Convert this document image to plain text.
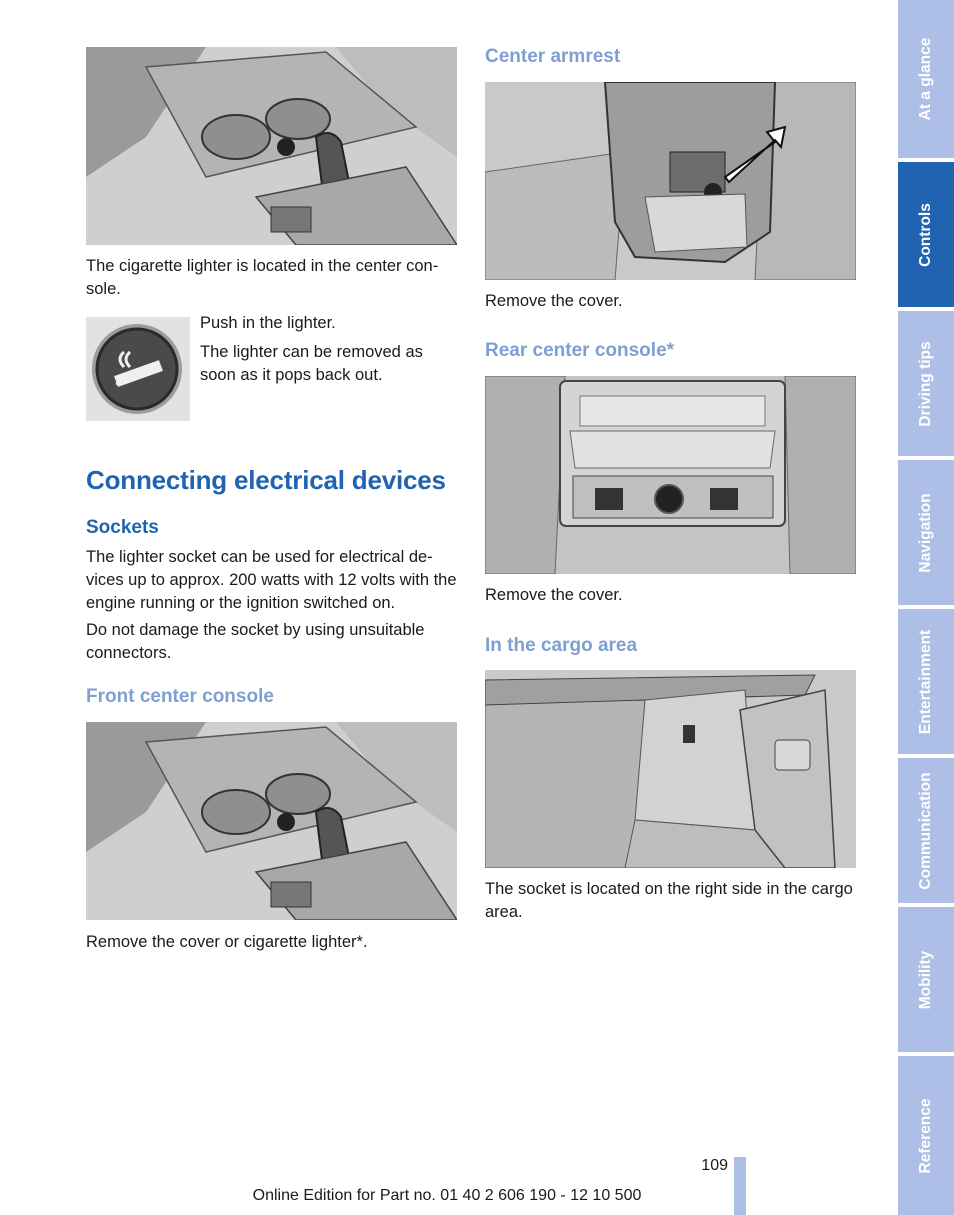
The cigarette lighter is located in the center con-sole.

Push in the lighter.

The lighter can be removed as soon as it pops back out.

Connecting electrical devices
Sockets

The lighter socket can be used for electrical de-vices up to approx. 200 watts with 12 volts with the engine running or the ignition switched on.

Do not damage the socket by using unsuitable connectors.

Front center console

Remove the cover or cigarette lighter*.

Center armrest

Remove the cover.

Rear center console*

Remove the cover.

In the cargo area

The socket is located on the right side in the cargo area.

At a glance
Controls
Driving tips
Navigation
Entertainment
Communication
Mobility
Reference
109
Online Edition for Part no. 01 40 2 606 190 - 12 10 500
